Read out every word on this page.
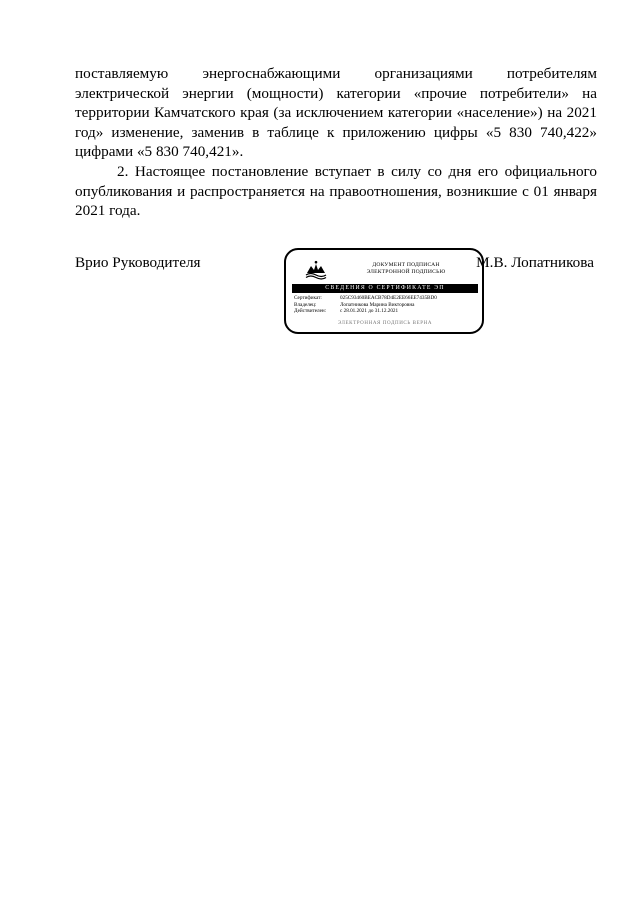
поставляемую энергоснабжающими организациями потребителям электрической энергии (мощности) категории «прочие потребители» на территории Камчатского края (за исключением категории «население») на 2021 год» изменение, заменив в таблице к приложению цифры «5 830 740,422» цифрами «5 830 740,421».

2. Настоящее постановление вступает в силу со дня его официального опубликования и распространяется на правоотношения, возникшие с 01 января 2021 года.

Врио Руководителя	ДОКУМЕНТ ПОДПИСАН
ЭЛЕКТРОННОЙ ПОДПИСЬЮ
СВЕДЕНИЯ О СЕРТИФИКАТЕ ЭП
Сертификат:	025C93460BEACB78D4E2EE66EE7435BD0
Владелец:	Лопатникова Марина Викторовна
Действителен:	с 28.01.2021 до 31.12.2021
ЭЛЕКТРОННАЯ ПОДПИСЬ ВЕРНА
М.В. Лопатникова
